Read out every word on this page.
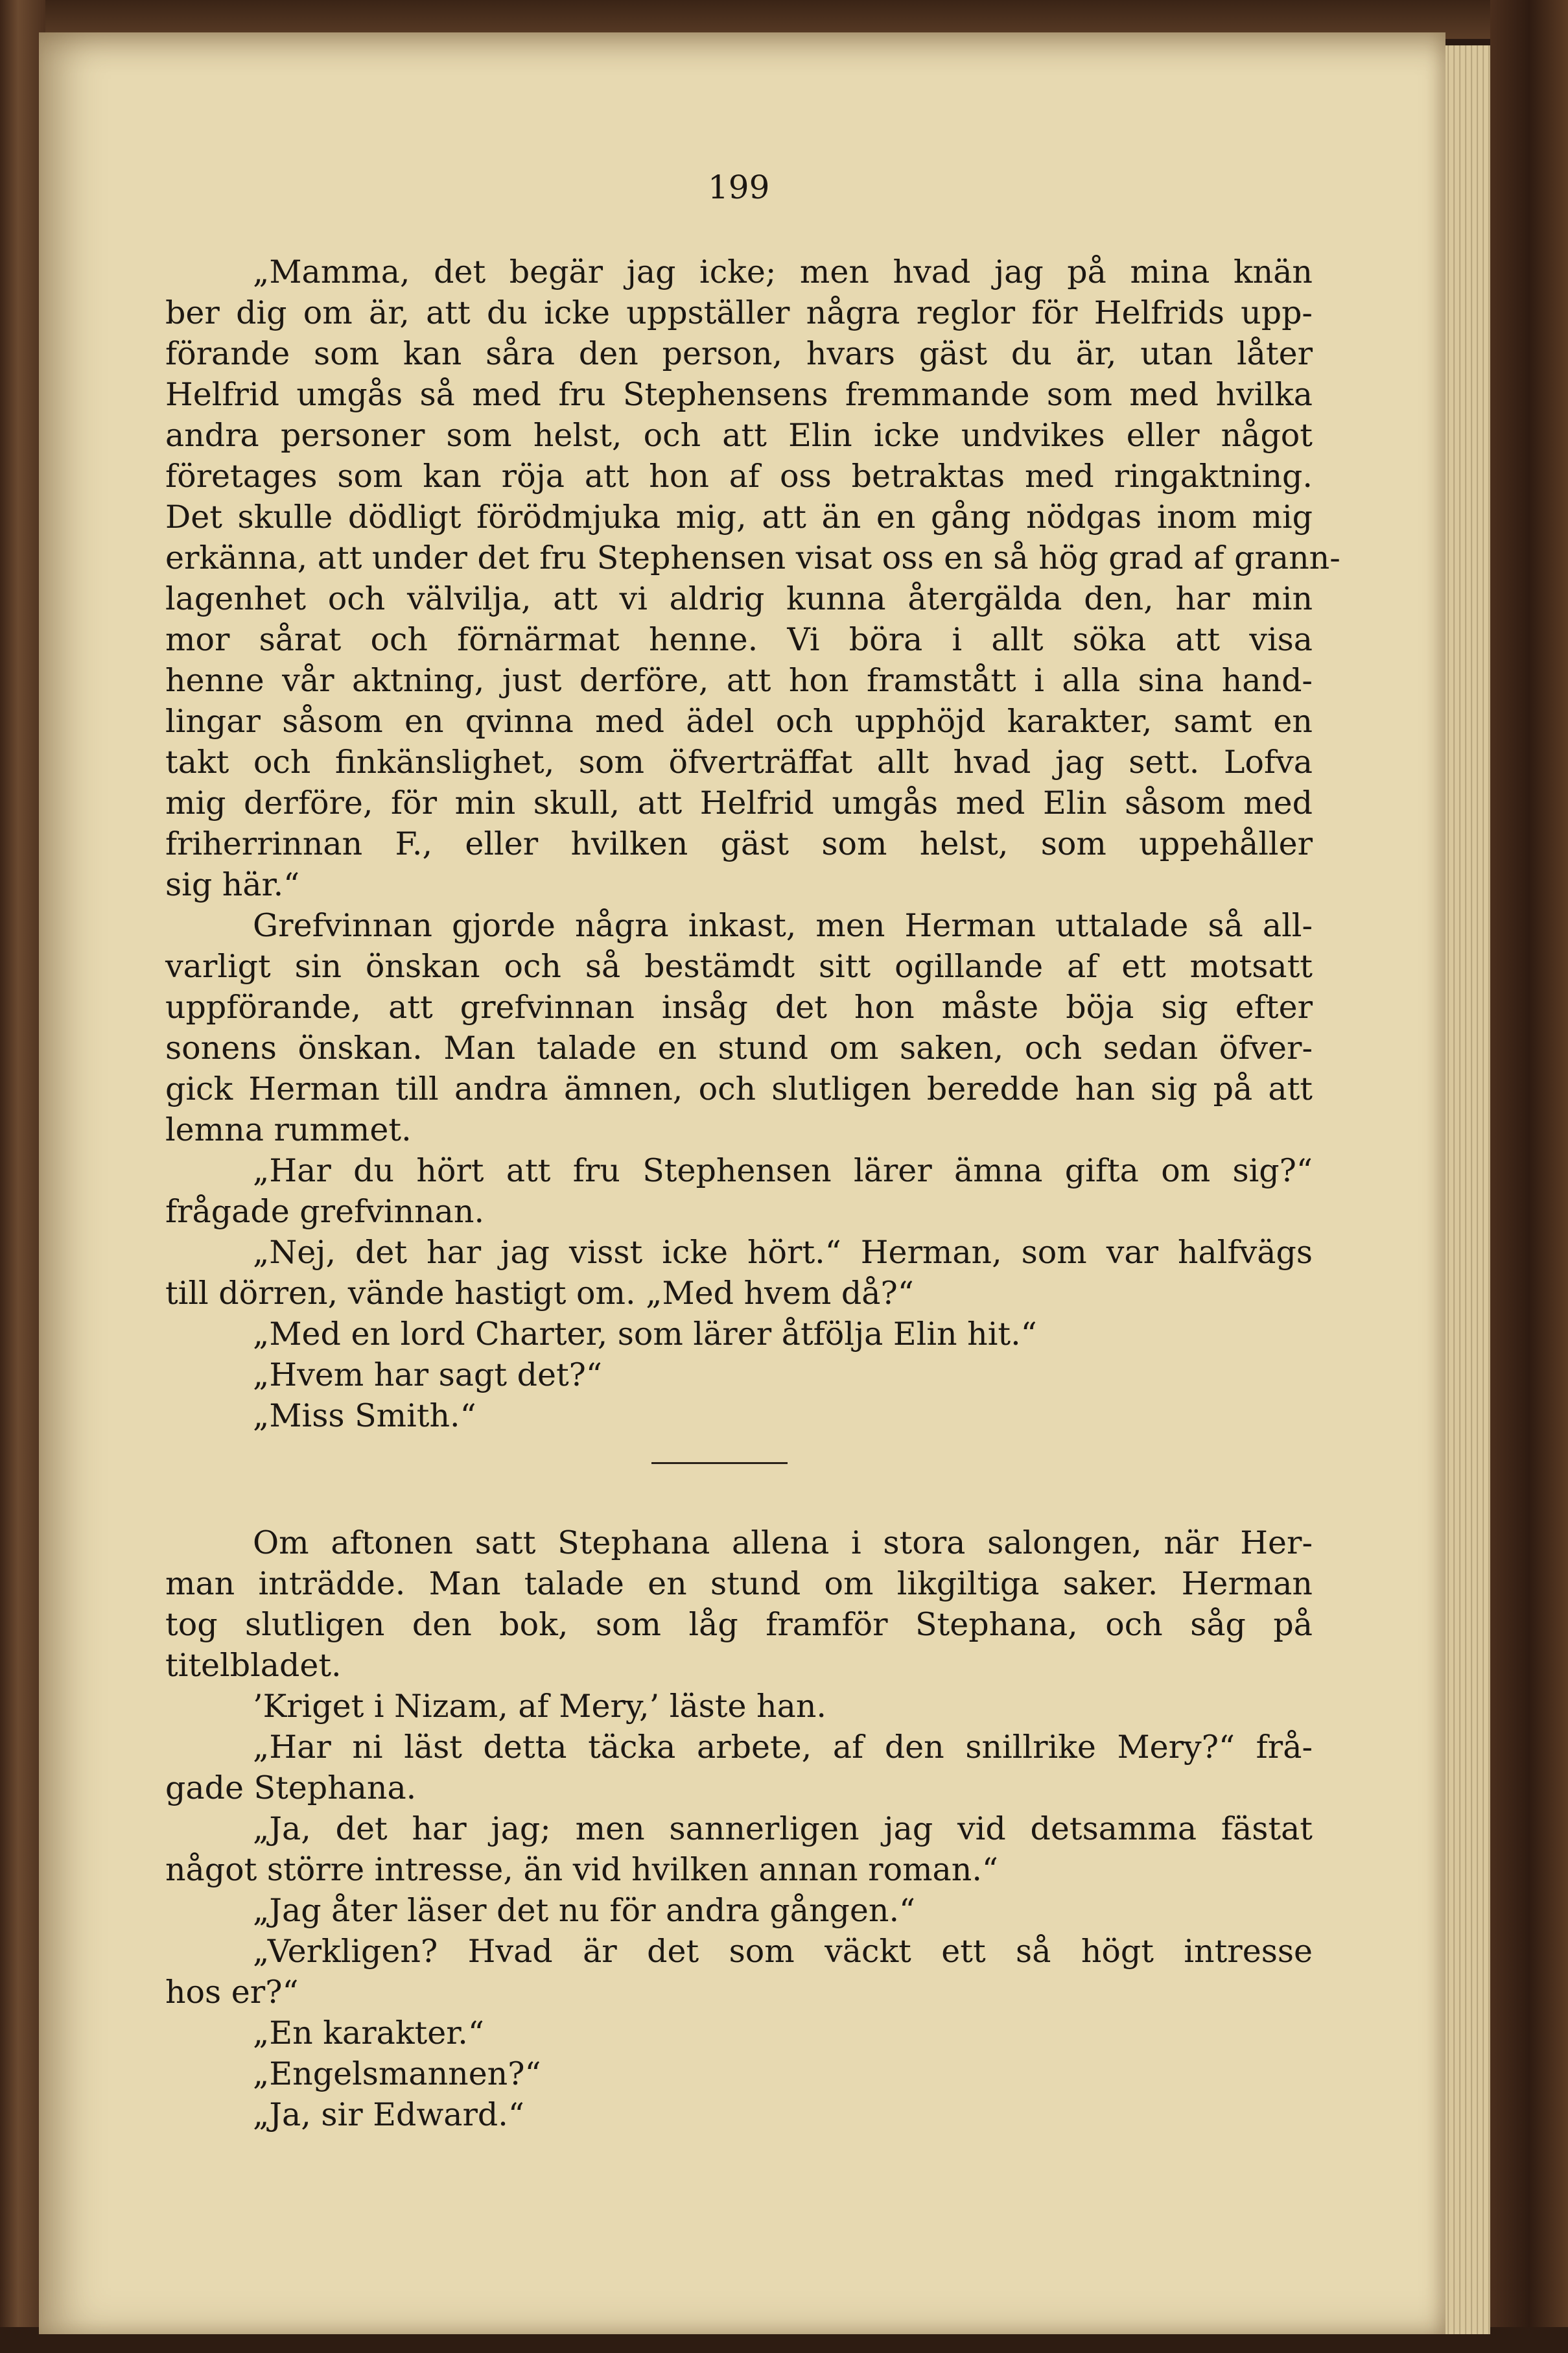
199
„Mamma, det begär jag icke; men hvad jag på mina knän
ber dig om är, att du icke uppställer några reglor för Helfrids upp-
förande som kan såra den person, hvars gäst du är, utan låter
Helfrid umgås så med fru Stephensens fremmande som med hvilka
andra personer som helst, och att Elin icke undvikes eller något
företages som kan röja att hon af oss betraktas med ringaktning.
Det skulle dödligt förödmjuka mig, att än en gång nödgas inom mig
erkänna, att under det fru Stephensen visat oss en så hög grad af grann-
lagenhet och välvilja, att vi aldrig kunna återgälda den, har min
mor sårat och förnärmat henne. Vi böra i allt söka att visa
henne vår aktning, just derföre, att hon framstått i alla sina hand-
lingar såsom en qvinna med ädel och upphöjd karakter, samt en
takt och finkänslighet, som öfverträffat allt hvad jag sett. Lofva
mig derföre, för min skull, att Helfrid umgås med Elin såsom med
friherrinnan F., eller hvilken gäst som helst, som uppehåller
sig här.“
Grefvinnan gjorde några inkast, men Herman uttalade så all-
varligt sin önskan och så bestämdt sitt ogillande af ett motsatt
uppförande, att grefvinnan insåg det hon måste böja sig efter
sonens önskan. Man talade en stund om saken, och sedan öfver-
gick Herman till andra ämnen, och slutligen beredde han sig på att
lemna rummet.
„Har du hört att fru Stephensen lärer ämna gifta om sig?“
frågade grefvinnan.
„Nej, det har jag visst icke hört.“ Herman, som var halfvägs
till dörren, vände hastigt om. „Med hvem då?“
„Med en lord Charter, som lärer åtfölja Elin hit.“
„Hvem har sagt det?“
„Miss Smith.“
Om aftonen satt Stephana allena i stora salongen, när Her-
man inträdde. Man talade en stund om likgiltiga saker. Herman
tog slutligen den bok, som låg framför Stephana, och såg på
titelbladet.
’Kriget i Nizam, af Mery,’ läste han.
„Har ni läst detta täcka arbete, af den snillrike Mery?“ frå-
gade Stephana.
„Ja, det har jag; men sannerligen jag vid detsamma fästat
något större intresse, än vid hvilken annan roman.“
„Jag åter läser det nu för andra gången.“
„Verkligen? Hvad är det som väckt ett så högt intresse
hos er?“
„En karakter.“
„Engelsmannen?“
„Ja, sir Edward.“
